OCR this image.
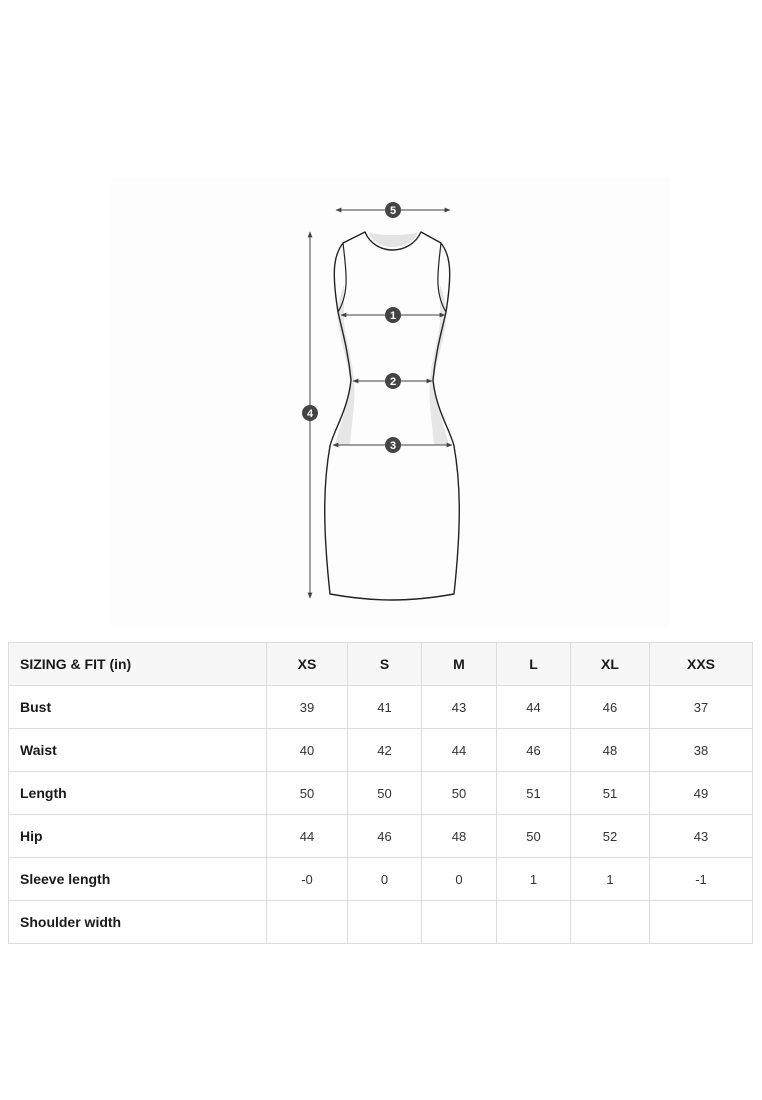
5
1
2
3
4
SIZING & FIT (in)	XS	S	M	L	XL	XXS
Bust	39	41	43	44	46	37
Waist	40	42	44	46	48	38
Length	50	50	50	51	51	49
Hip	44	46	48	50	52	43
Sleeve length	-0	0	0	1	1	-1
Shoulder width						
